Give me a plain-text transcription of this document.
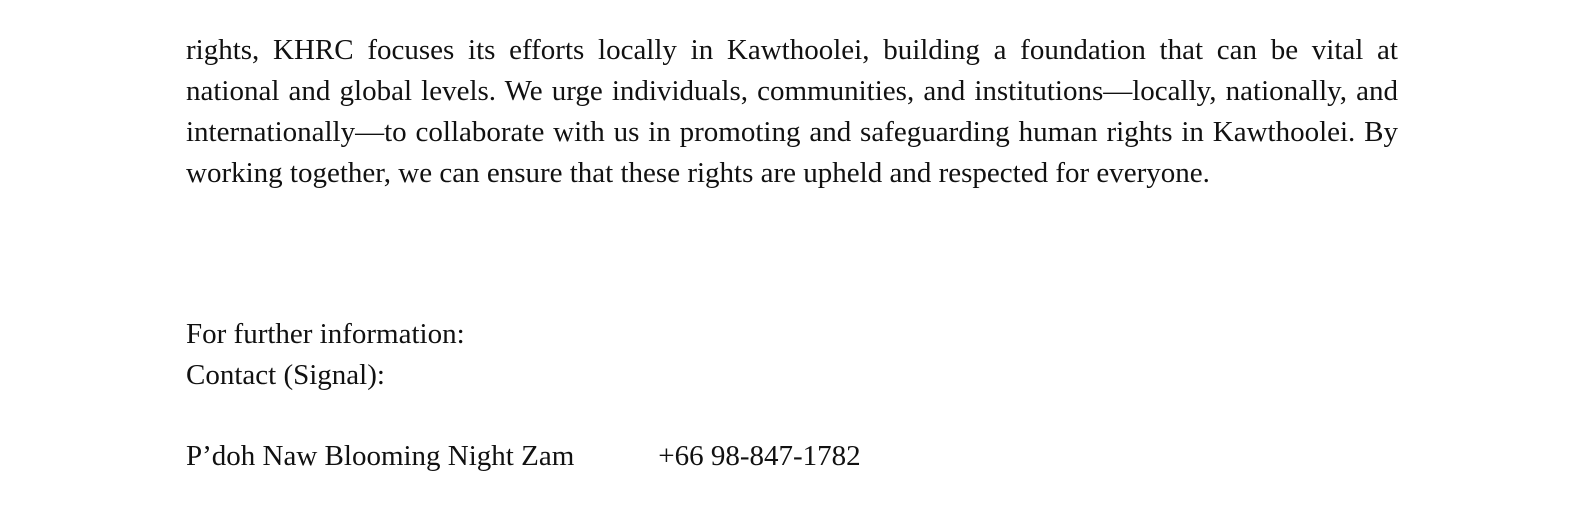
rights, KHRC focuses its efforts locally in Kawthoolei, building a foundation that can be vital at national and global levels. We urge individuals, communities, and institutions—locally, nationally, and internationally—to collaborate with us in promoting and safeguarding human rights in Kawthoolei. By working together, we can ensure that these rights are upheld and respected for everyone.

For further information:
Contact (Signal):
P’doh Naw Blooming Night Zam	+66 98-847-1782
